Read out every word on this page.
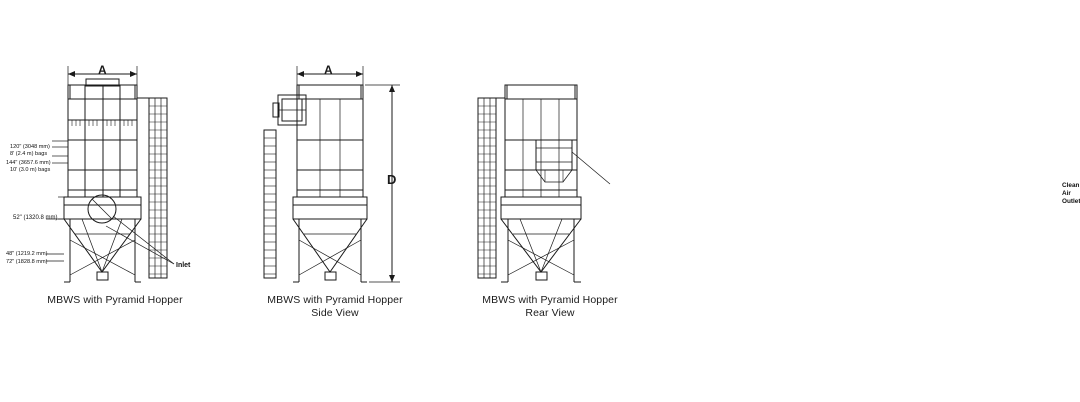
120" (3048 mm)
8' (2.4 m) bags
144" (3657.6 mm)
10' (3.0 m) bags
52" (1320.8 mm)
48" (1219.2 mm)
72" (1828.8 mm)
A
Inlet
A
D	Clean
Air
Outlet
MBWS with Pyramid Hopper	MBWS with Pyramid Hopper
Side View
MBWS with Pyramid Hopper
Rear View
